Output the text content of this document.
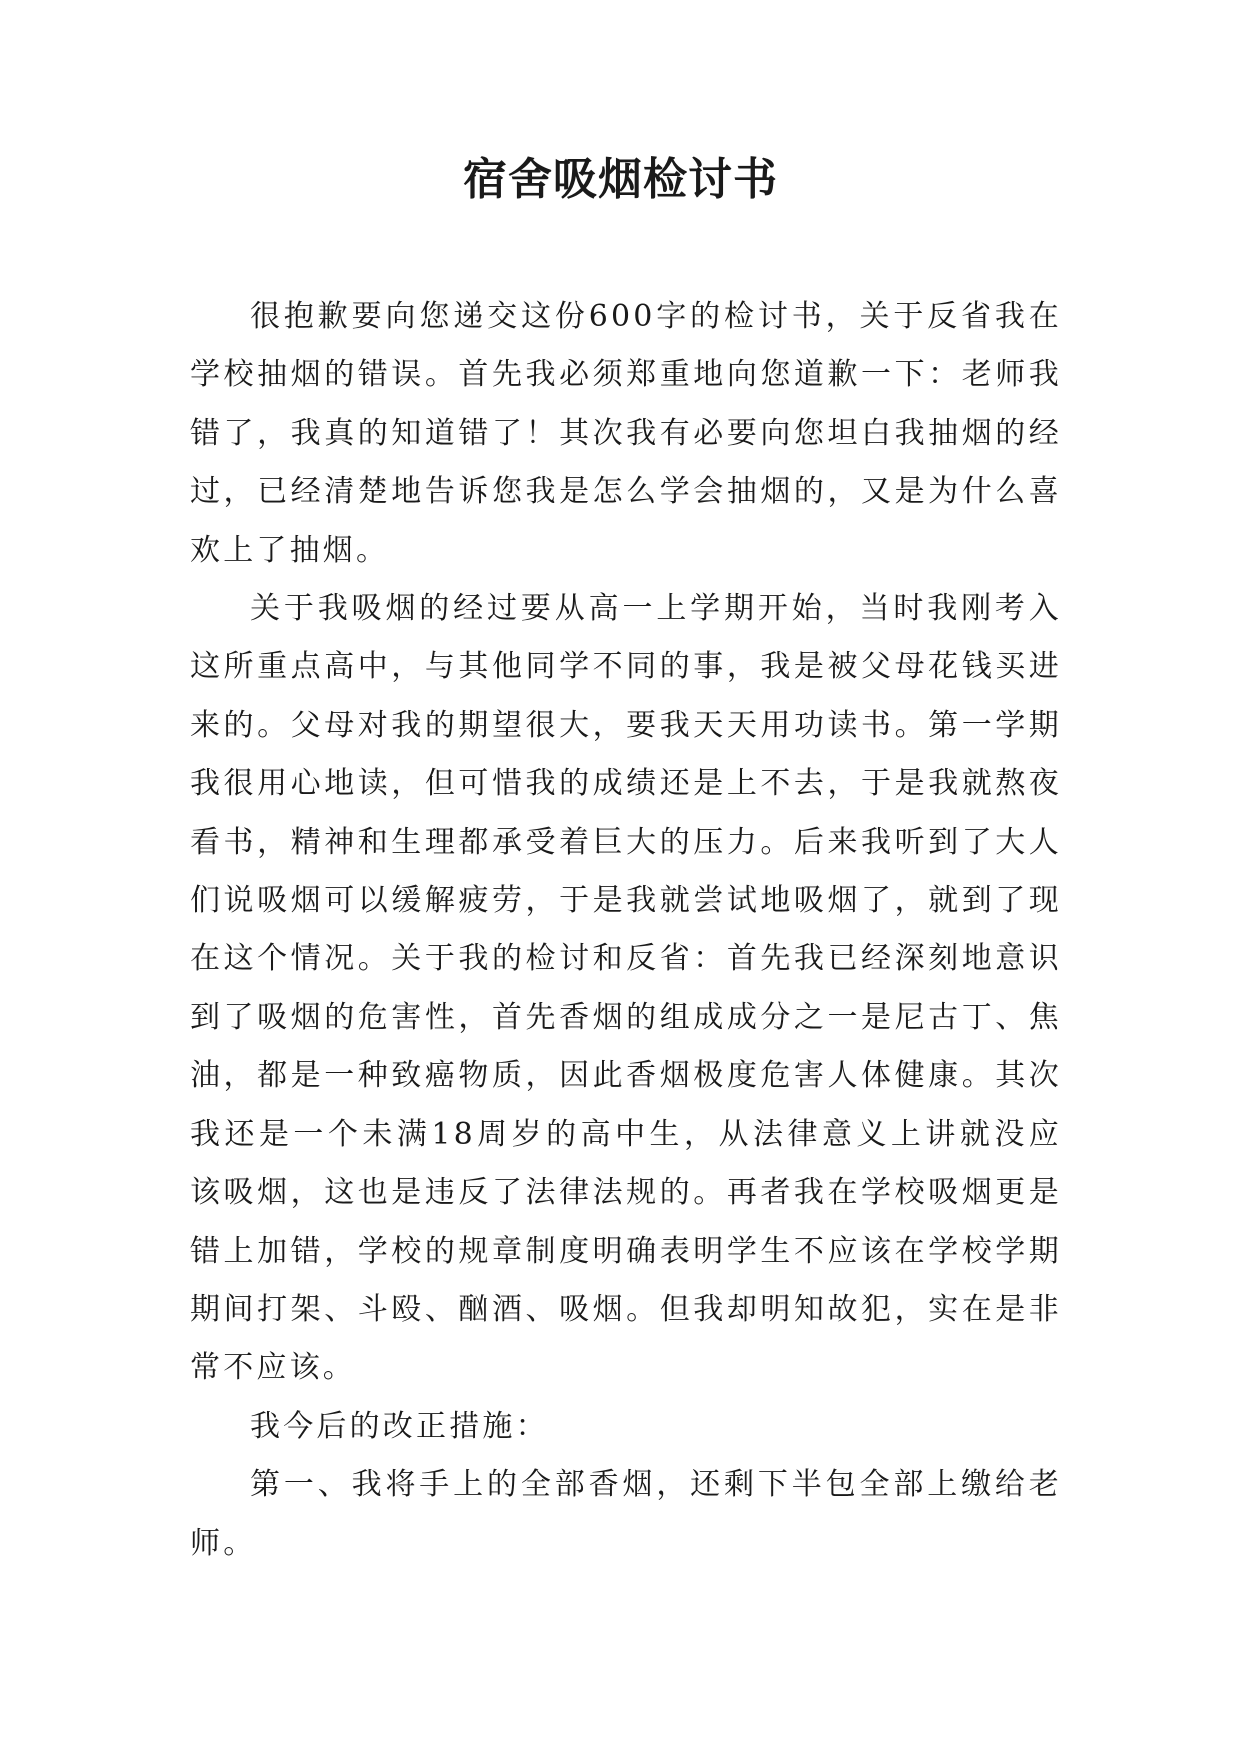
宿舍吸烟检讨书

很抱歉要向您递交这份600字的检讨书，关于反省我在学校抽烟的错误。首先我必须郑重地向您道歉一下：老师我错了，我真的知道错了！其次我有必要向您坦白我抽烟的经过，已经清楚地告诉您我是怎么学会抽烟的，又是为什么喜欢上了抽烟。

关于我吸烟的经过要从高一上学期开始，当时我刚考入这所重点高中，与其他同学不同的事，我是被父母花钱买进来的。父母对我的期望很大，要我天天用功读书。第一学期我很用心地读，但可惜我的成绩还是上不去，于是我就熬夜看书，精神和生理都承受着巨大的压力。后来我听到了大人们说吸烟可以缓解疲劳，于是我就尝试地吸烟了，就到了现在这个情况。关于我的检讨和反省：首先我已经深刻地意识到了吸烟的危害性，首先香烟的组成成分之一是尼古丁、焦油，都是一种致癌物质，因此香烟极度危害人体健康。其次我还是一个未满18周岁的高中生，从法律意义上讲就没应该吸烟，这也是违反了法律法规的。再者我在学校吸烟更是错上加错，学校的规章制度明确表明学生不应该在学校学期期间打架、斗殴、酗酒、吸烟。但我却明知故犯，实在是非常不应该。

我今后的改正措施：

第一、我将手上的全部香烟，还剩下半包全部上缴给老师。
